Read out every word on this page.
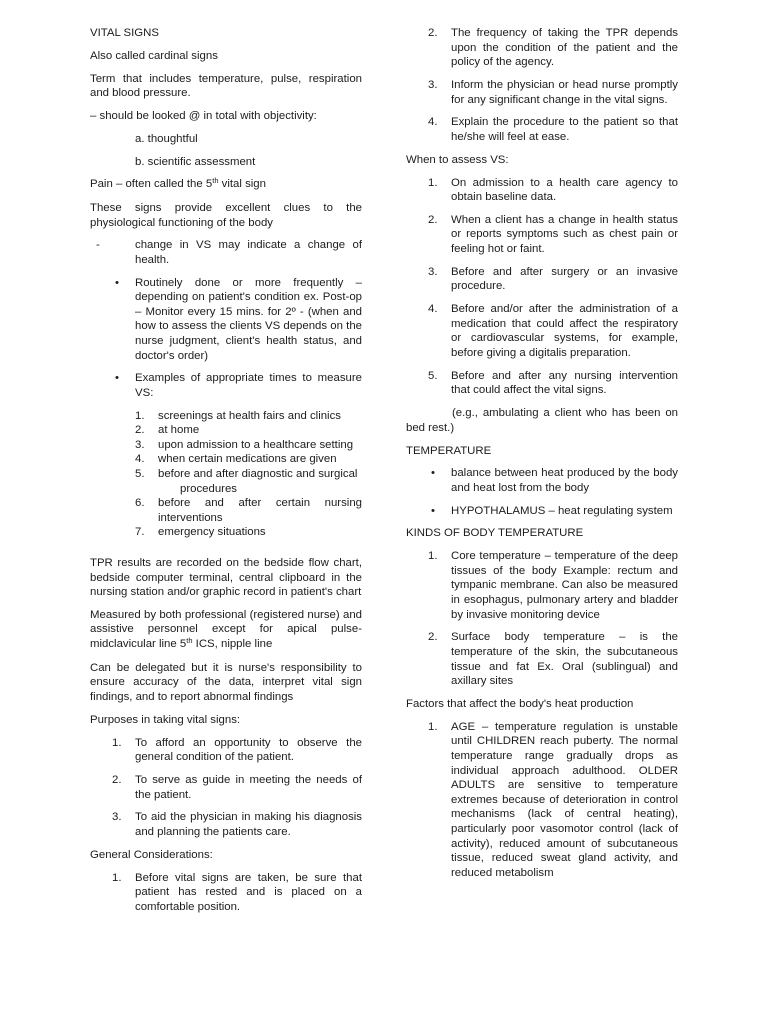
VITAL SIGNS

Also called cardinal signs

Term that includes temperature, pulse, respiration and blood pressure.

– should be looked @ in total with objectivity:

a. thoughtful

b. scientific assessment

Pain – often called the 5th vital sign

These signs provide excellent clues to the physiological functioning of the body

-	change in VS may indicate a change of health.
• Routinely done or more frequently – depending on patient's condition ex. Post-op – Monitor every 15 mins. for 2º - (when and how to assess the clients VS depends on the nurse judgment, client's health status, and doctor's order)
• Examples of appropriate times to measure VS:
1. screenings at health fairs and clinics
2. at home
3. upon admission to a healthcare setting
4. when certain medications are given
5. before and after diagnostic and surgical
procedures
6. before and after certain nursing interventions
7. emergency situations

TPR results are recorded on the bedside flow chart, bedside computer terminal, central clipboard in the nursing station and/or graphic record in patient's chart

Measured by both professional (registered nurse) and assistive personnel except for apical pulse-midclavicular line 5th ICS, nipple line

Can be delegated but it is nurse's responsibility to ensure accuracy of the data, interpret vital sign findings, and to report abnormal findings

Purposes in taking vital signs:

1. To afford an opportunity to observe the general condition of the patient.
2. To serve as guide in meeting the needs of the patient.
3. To aid the physician in making his diagnosis and planning the patients care.

General Considerations:

1. Before vital signs are taken, be sure that patient has rested and is placed on a comfortable position.
2. The frequency of taking the TPR depends upon the condition of the patient and the policy of the agency.
3. Inform the physician or head nurse promptly for any significant change in the vital signs.
4. Explain the procedure to the patient so that he/she will feel at ease.

When to assess VS:

1. On admission to a health care agency to obtain baseline data.
2. When a client has a change in health status or reports symptoms such as chest pain or feeling hot or faint.
3. Before and after surgery or an invasive procedure.
4. Before and/or after the administration of a medication that could affect the respiratory or cardiovascular systems, for example, before giving a digitalis preparation.
5. Before and after any nursing intervention that could affect the vital signs.

(e.g., ambulating a client who has been on bed rest.)

TEMPERATURE

• balance between heat produced by the body and heat lost from the body
• HYPOTHALAMUS – heat regulating system

KINDS OF BODY TEMPERATURE

1. Core temperature – temperature of the deep tissues of the body Example: rectum and tympanic membrane. Can also be measured in esophagus, pulmonary artery and bladder by invasive monitoring device
2. Surface body temperature – is the temperature of the skin, the subcutaneous tissue and fat Ex. Oral (sublingual) and axillary sites

Factors that affect the body's heat production

1. AGE – temperature regulation is unstable until CHILDREN reach puberty. The normal temperature range gradually drops as individual approach adulthood. OLDER ADULTS are sensitive to temperature extremes because of deterioration in control mechanisms (lack of central heating), particularly poor vasomotor control (lack of activity), reduced amount of subcutaneous tissue, reduced sweat gland activity, and reduced metabolism
